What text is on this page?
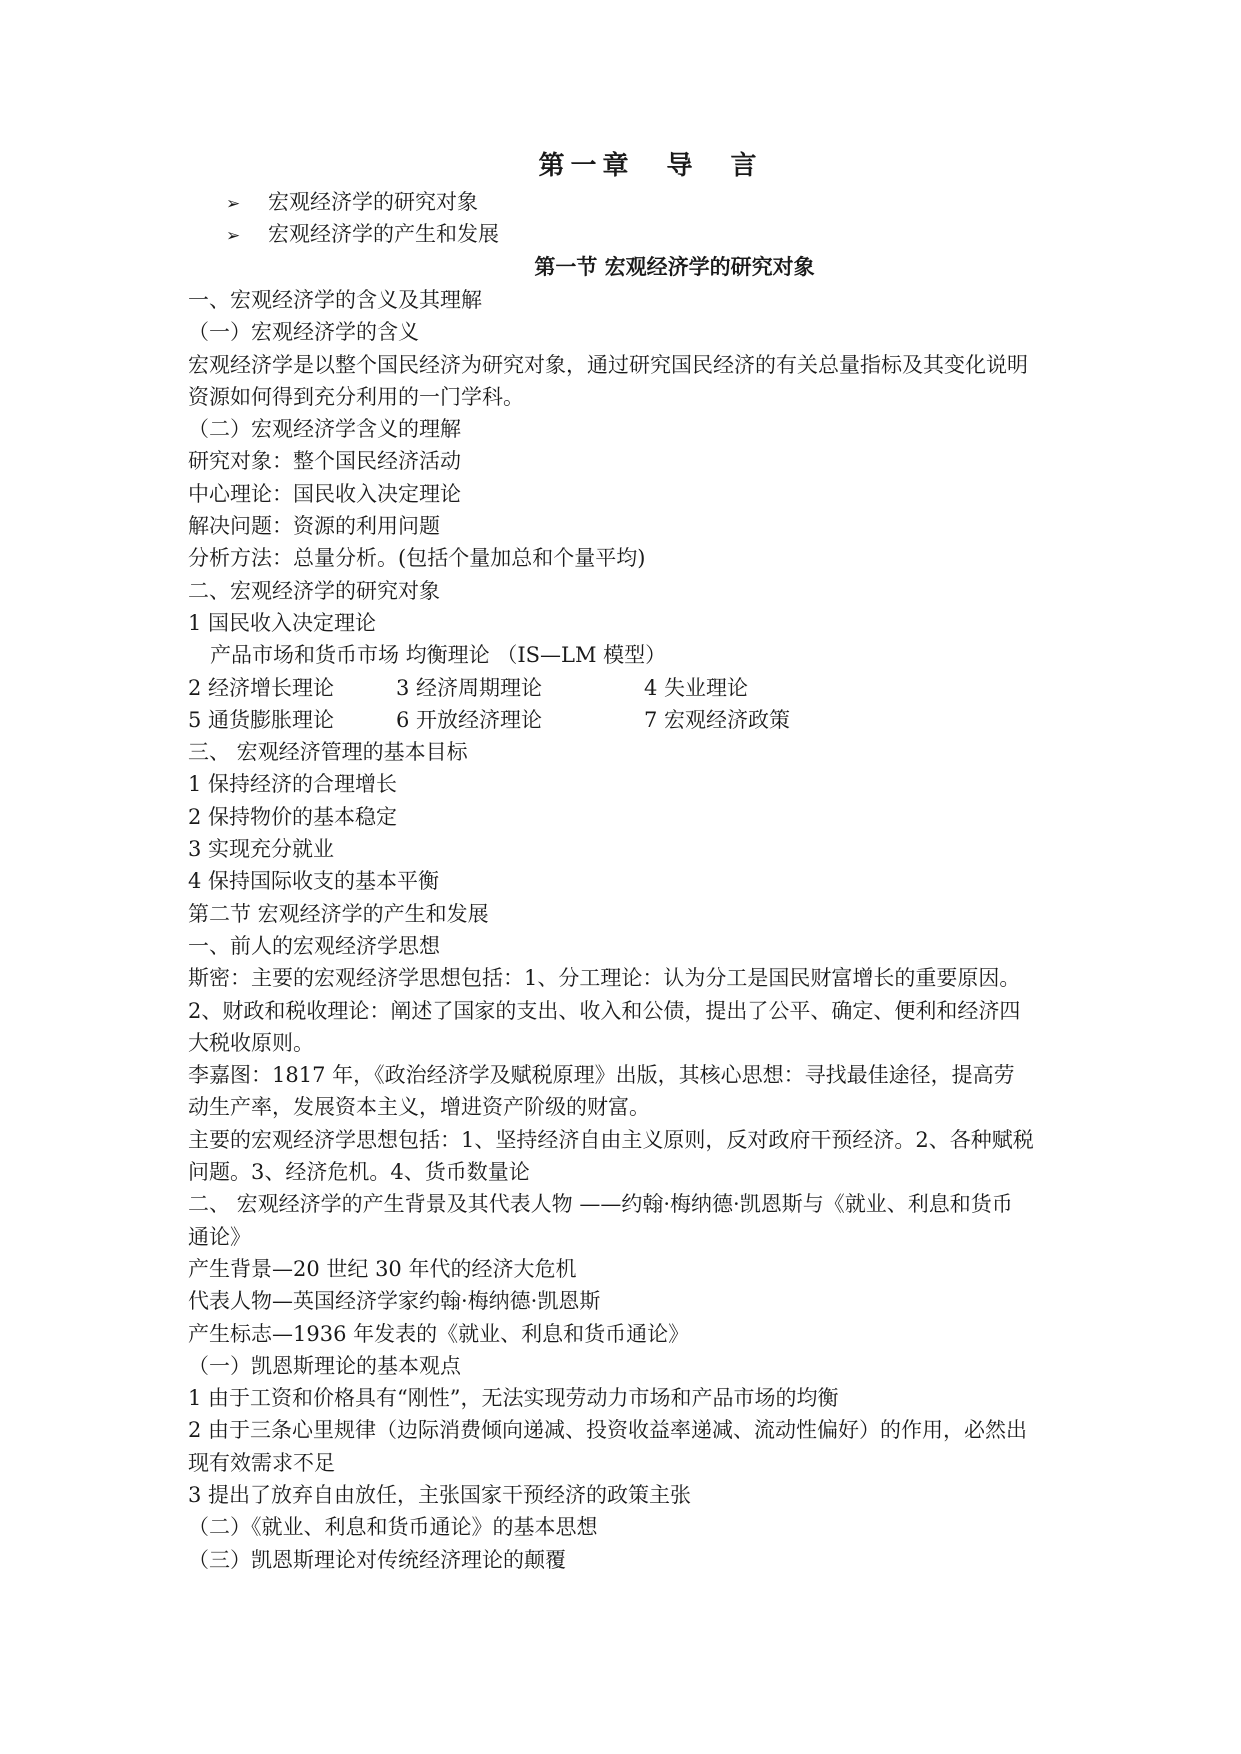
第一章　导　言
➢ 宏观经济学的研究对象
➢ 宏观经济学的产生和发展
第一节 宏观经济学的研究对象
一、宏观经济学的含义及其理解
（一）宏观经济学的含义
宏观经济学是以整个国民经济为研究对象，通过研究国民经济的有关总量指标及其变化说明
资源如何得到充分利用的一门学科。
（二）宏观经济学含义的理解
研究对象：整个国民经济活动
中心理论：国民收入决定理论
解决问题：资源的利用问题
分析方法：总量分析。(包括个量加总和个量平均)
二、宏观经济学的研究对象
1 国民收入决定理论
产品市场和货币市场 均衡理论 （IS—LM 模型）
2 经济增长理论	3 经济周期理论	4 失业理论
5 通货膨胀理论	6 开放经济理论	7 宏观经济政策
三、 宏观经济管理的基本目标
1 保持经济的合理增长
2 保持物价的基本稳定
3 实现充分就业
4 保持国际收支的基本平衡
第二节 宏观经济学的产生和发展
一、前人的宏观经济学思想
斯密：主要的宏观经济学思想包括：1、分工理论：认为分工是国民财富增长的重要原因。
2、财政和税收理论：阐述了国家的支出、收入和公债，提出了公平、确定、便利和经济四
大税收原则。
李嘉图：1817 年，《政治经济学及赋税原理》出版，其核心思想：寻找最佳途径，提高劳
动生产率，发展资本主义，增进资产阶级的财富。
主要的宏观经济学思想包括：1、坚持经济自由主义原则，反对政府干预经济。2、各种赋税
问题。3、经济危机。4、货币数量论
二、 宏观经济学的产生背景及其代表人物 ——约翰·梅纳德·凯恩斯与《就业、利息和货币
通论》
产生背景—20 世纪 30 年代的经济大危机
代表人物—英国经济学家约翰·梅纳德·凯恩斯
产生标志—1936 年发表的《就业、利息和货币通论》
（一）凯恩斯理论的基本观点
1 由于工资和价格具有“刚性”，无法实现劳动力市场和产品市场的均衡
2 由于三条心里规律（边际消费倾向递减、投资收益率递减、流动性偏好）的作用，必然出
现有效需求不足
3 提出了放弃自由放任，主张国家干预经济的政策主张
（二）《就业、利息和货币通论》的基本思想
（三）凯恩斯理论对传统经济理论的颠覆
